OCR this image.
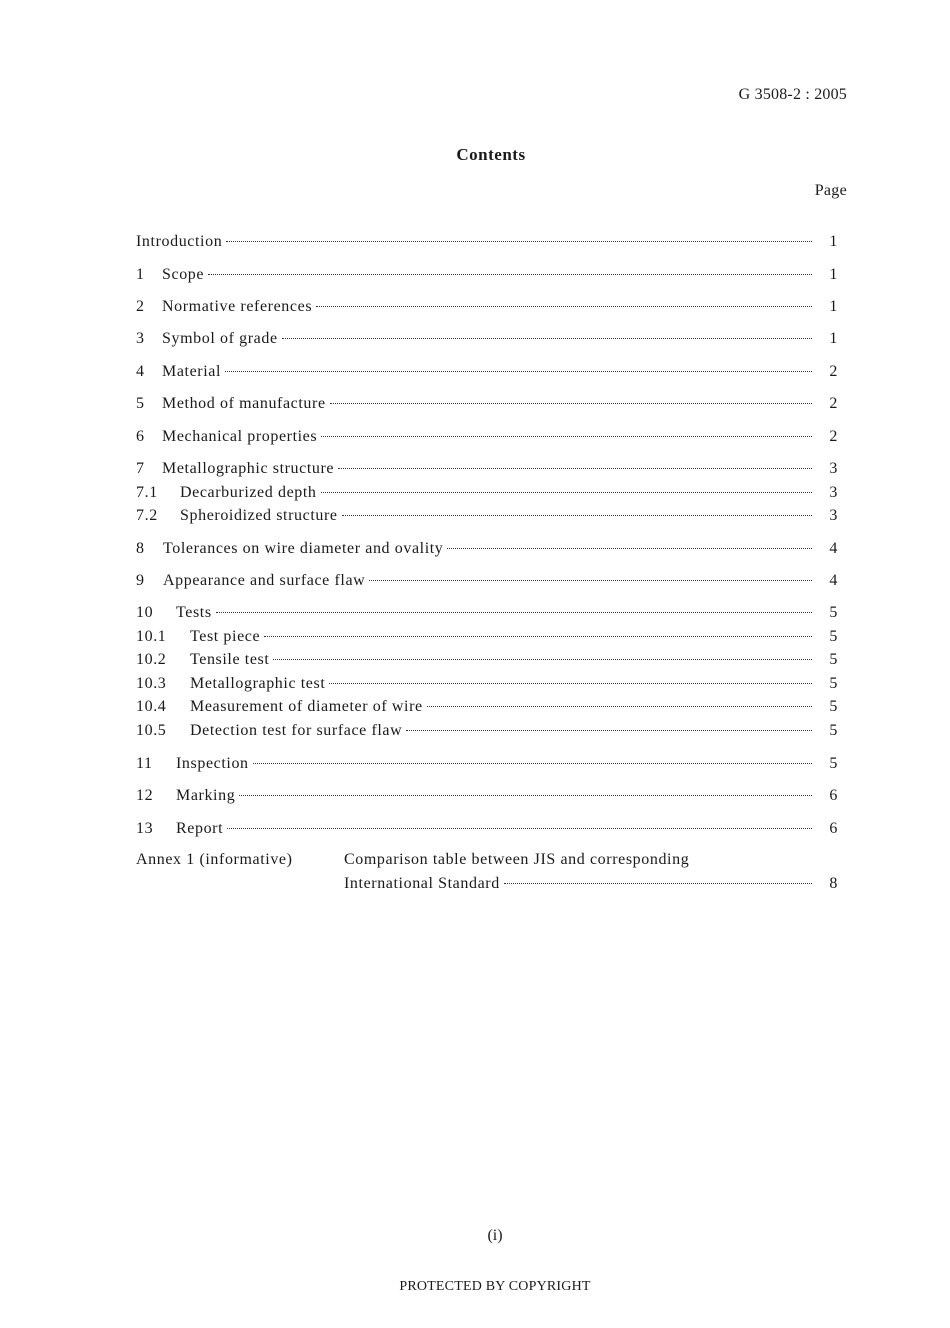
G 3508-2 : 2005
Contents
Page
Introduction	1
1	Scope	1
2	Normative references	1
3	Symbol of grade	1
4	Material	2
5	Method of manufacture	2
6	Mechanical properties	2
7	Metallographic structure	3
7.1	Decarburized depth	3
7.2	Spheroidized structure	3
8	Tolerances on wire diameter and ovality	4
9	Appearance and surface flaw	4
10	Tests	5
10.1	Test piece	5
10.2	Tensile test	5
10.3	Metallographic test	5
10.4	Measurement of diameter of wire	5
10.5	Detection test for surface flaw	5
11	Inspection	5
12	Marking	6
13	Report	6
Annex 1 (informative)	Comparison table between JIS and corresponding
International Standard	8
(i)
PROTECTED BY COPYRIGHT
